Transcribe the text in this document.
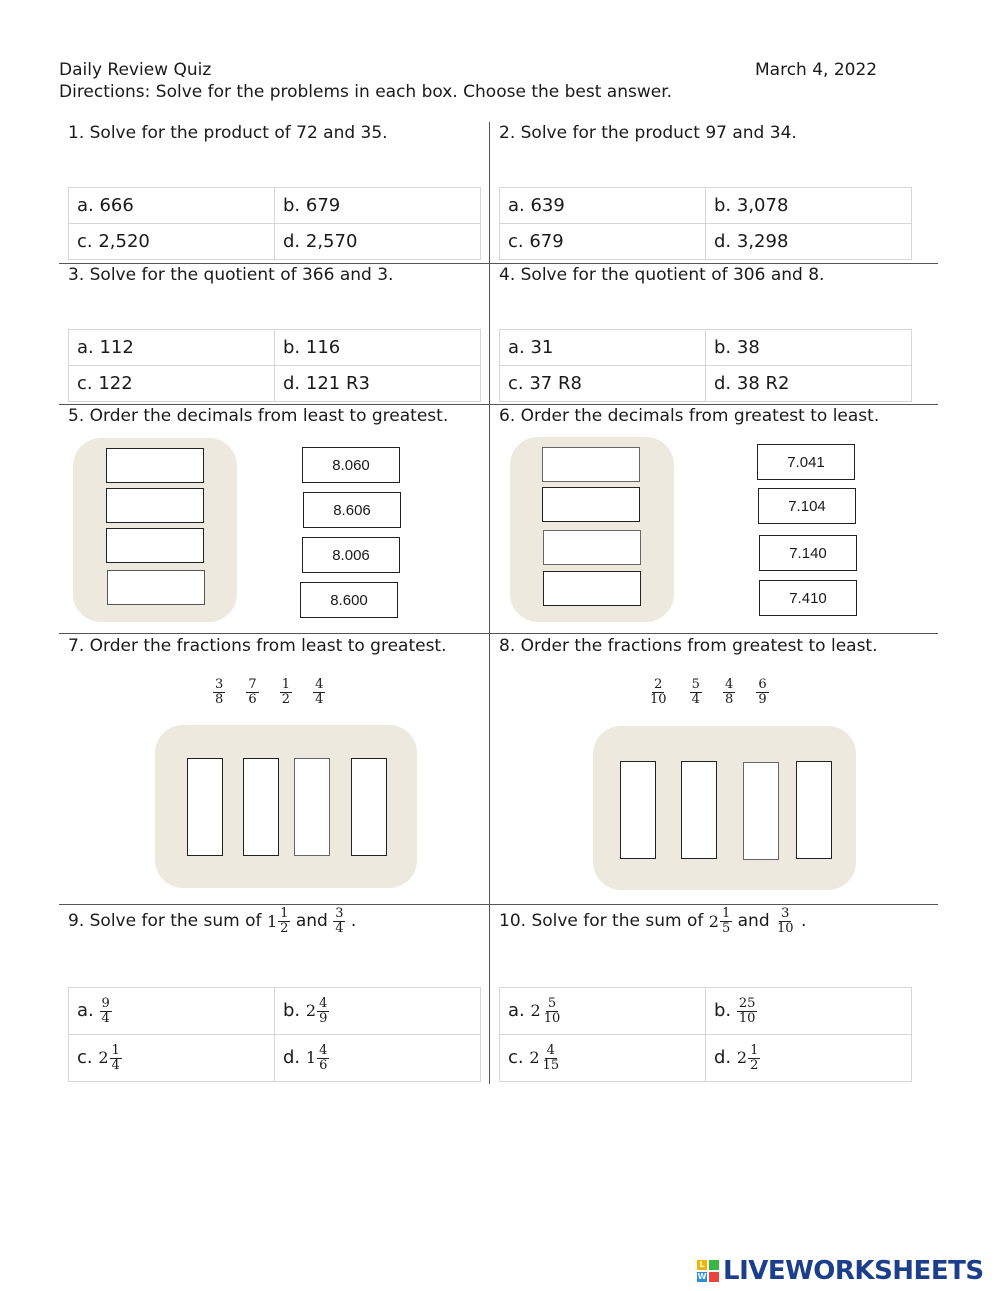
Daily Review Quiz	March 4, 2022
Directions: Solve for the problems in each box. Choose the best answer.
1. Solve for the product of 72 and 35.
a. 666	b. 679
c. 2,520	d. 2,570
2. Solve for the product 97 and 34.
a. 639	b. 3,078
c. 679	d. 3,298
3. Solve for the quotient of 366 and 3.
a. 112	b. 116
c. 122	d. 121 R3
4. Solve for the quotient of 306 and 8.
a. 31	b. 38
c. 37 R8	d. 38 R2
5. Order the decimals from least to greatest.
8.060
8.606
8.006
8.600
6. Order the decimals from greatest to least.
7.041
7.104
7.140
7.410
7. Order the fractions from least to greatest.
$\frac{3}{8}$
$\frac{7}{6}$
$\frac{1}{2}$
$\frac{4}{4}$
8. Order the fractions from greatest to least.
$\frac{2}{10}$
$\frac{5}{4}$
$\frac{4}{8}$
$\frac{6}{9}$
9. Solve for the sum of
$1 \frac{1}{2}$
and
$\frac{3}{4}$
.
a. $\frac{9}{4}$	b. $2 \frac{4}{9}$

c. $2 \frac{1}{4}$	d. $1 \frac{4}{6}$
10. Solve for the sum of
$2 \frac{1}{5}$
and
$\frac{3}{10}$
.
a. $2 \frac{5}{10}$	b. $\frac{25}{10}$

c. $2 \frac{4}{15}$	d. $2 \frac{1}{2}$
L
W LIVEWORKSHEETS
